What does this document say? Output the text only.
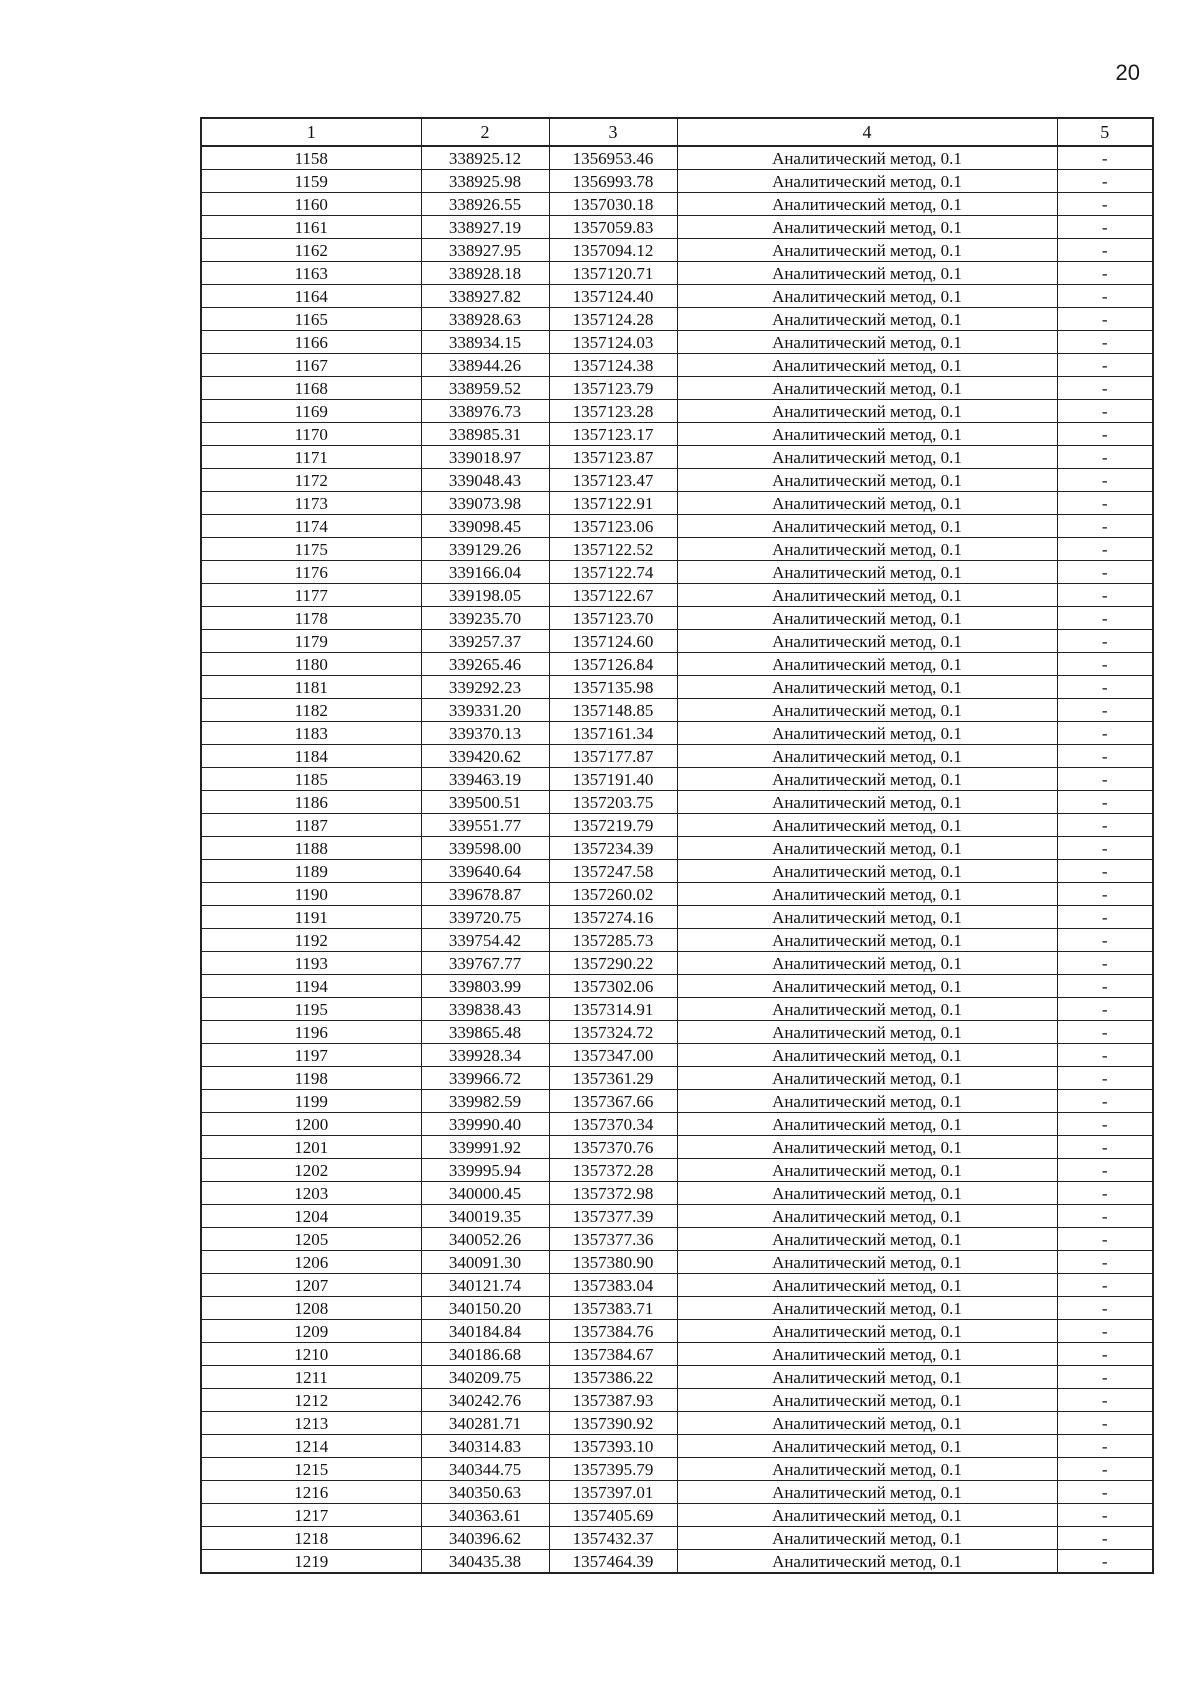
20
1	2	3	4	5
1158	338925.12	1356953.46	Аналитический метод, 0.1	-
1159	338925.98	1356993.78	Аналитический метод, 0.1	-
1160	338926.55	1357030.18	Аналитический метод, 0.1	-
1161	338927.19	1357059.83	Аналитический метод, 0.1	-
1162	338927.95	1357094.12	Аналитический метод, 0.1	-
1163	338928.18	1357120.71	Аналитический метод, 0.1	-
1164	338927.82	1357124.40	Аналитический метод, 0.1	-
1165	338928.63	1357124.28	Аналитический метод, 0.1	-
1166	338934.15	1357124.03	Аналитический метод, 0.1	-
1167	338944.26	1357124.38	Аналитический метод, 0.1	-
1168	338959.52	1357123.79	Аналитический метод, 0.1	-
1169	338976.73	1357123.28	Аналитический метод, 0.1	-
1170	338985.31	1357123.17	Аналитический метод, 0.1	-
1171	339018.97	1357123.87	Аналитический метод, 0.1	-
1172	339048.43	1357123.47	Аналитический метод, 0.1	-
1173	339073.98	1357122.91	Аналитический метод, 0.1	-
1174	339098.45	1357123.06	Аналитический метод, 0.1	-
1175	339129.26	1357122.52	Аналитический метод, 0.1	-
1176	339166.04	1357122.74	Аналитический метод, 0.1	-
1177	339198.05	1357122.67	Аналитический метод, 0.1	-
1178	339235.70	1357123.70	Аналитический метод, 0.1	-
1179	339257.37	1357124.60	Аналитический метод, 0.1	-
1180	339265.46	1357126.84	Аналитический метод, 0.1	-
1181	339292.23	1357135.98	Аналитический метод, 0.1	-
1182	339331.20	1357148.85	Аналитический метод, 0.1	-
1183	339370.13	1357161.34	Аналитический метод, 0.1	-
1184	339420.62	1357177.87	Аналитический метод, 0.1	-
1185	339463.19	1357191.40	Аналитический метод, 0.1	-
1186	339500.51	1357203.75	Аналитический метод, 0.1	-
1187	339551.77	1357219.79	Аналитический метод, 0.1	-
1188	339598.00	1357234.39	Аналитический метод, 0.1	-
1189	339640.64	1357247.58	Аналитический метод, 0.1	-
1190	339678.87	1357260.02	Аналитический метод, 0.1	-
1191	339720.75	1357274.16	Аналитический метод, 0.1	-
1192	339754.42	1357285.73	Аналитический метод, 0.1	-
1193	339767.77	1357290.22	Аналитический метод, 0.1	-
1194	339803.99	1357302.06	Аналитический метод, 0.1	-
1195	339838.43	1357314.91	Аналитический метод, 0.1	-
1196	339865.48	1357324.72	Аналитический метод, 0.1	-
1197	339928.34	1357347.00	Аналитический метод, 0.1	-
1198	339966.72	1357361.29	Аналитический метод, 0.1	-
1199	339982.59	1357367.66	Аналитический метод, 0.1	-
1200	339990.40	1357370.34	Аналитический метод, 0.1	-
1201	339991.92	1357370.76	Аналитический метод, 0.1	-
1202	339995.94	1357372.28	Аналитический метод, 0.1	-
1203	340000.45	1357372.98	Аналитический метод, 0.1	-
1204	340019.35	1357377.39	Аналитический метод, 0.1	-
1205	340052.26	1357377.36	Аналитический метод, 0.1	-
1206	340091.30	1357380.90	Аналитический метод, 0.1	-
1207	340121.74	1357383.04	Аналитический метод, 0.1	-
1208	340150.20	1357383.71	Аналитический метод, 0.1	-
1209	340184.84	1357384.76	Аналитический метод, 0.1	-
1210	340186.68	1357384.67	Аналитический метод, 0.1	-
1211	340209.75	1357386.22	Аналитический метод, 0.1	-
1212	340242.76	1357387.93	Аналитический метод, 0.1	-
1213	340281.71	1357390.92	Аналитический метод, 0.1	-
1214	340314.83	1357393.10	Аналитический метод, 0.1	-
1215	340344.75	1357395.79	Аналитический метод, 0.1	-
1216	340350.63	1357397.01	Аналитический метод, 0.1	-
1217	340363.61	1357405.69	Аналитический метод, 0.1	-
1218	340396.62	1357432.37	Аналитический метод, 0.1	-
1219	340435.38	1357464.39	Аналитический метод, 0.1	-
